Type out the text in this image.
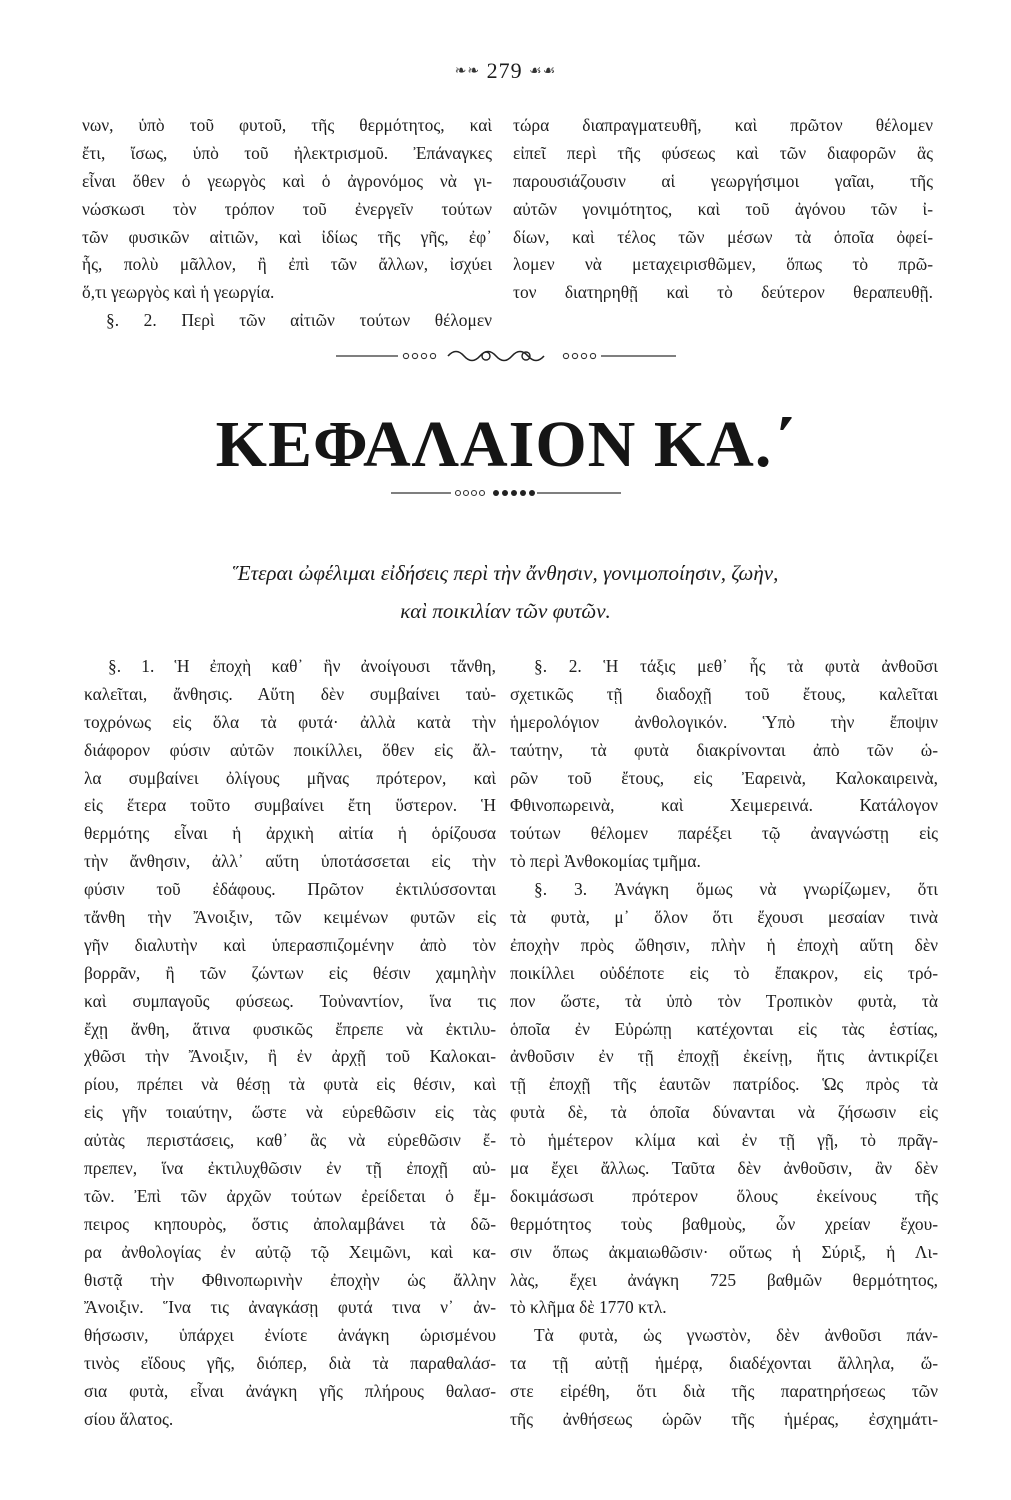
❧❧ 279 ☙☙
νων, ὑπὸ τοῦ φυτοῦ, τῆς θερμότητος, καὶ
ἔτι, ἴσως, ὑπὸ τοῦ ἠλεκτρισμοῦ. Ἐπάναγκες
εἶναι ὅθεν ὁ γεωργὸς καὶ ὁ ἀγρονόμος νὰ γι-
νώσκωσι τὸν τρόπον τοῦ ἐνεργεῖν τούτων
τῶν φυσικῶν αἰτιῶν, καὶ ἰδίως τῆς γῆς, ἐφ᾽
ἧς, πολὺ μᾶλλον, ἢ ἐπὶ τῶν ἄλλων, ἰσχύει
ὅ,τι γεωργὸς καὶ ἡ γεωργία.
§. 2. Περὶ τῶν αἰτιῶν τούτων θέλομεν
τώρα διαπραγματευθῆ, καὶ πρῶτον θέλομεν
εἰπεῖ περὶ τῆς φύσεως καὶ τῶν διαφορῶν ἃς
παρουσιάζουσιν αἱ γεωργήσιμοι γαῖαι, τῆς
αὐτῶν γονιμότητος, καὶ τοῦ ἀγόνου τῶν ἰ-
δίων, καὶ τέλος τῶν μέσων τὰ ὁποῖα ὀφεί-
λομεν νὰ μεταχειρισθῶμεν, ὅπως τὸ πρῶ-
τον διατηρηθῇ καὶ τὸ δεύτερον θεραπευθῇ.
ΚΕΦΑΛΑΙΟΝ ΚΑ.΄
Ἕτεραι ὠφέλιμαι εἰδήσεις περὶ τὴν ἄνθησιν, γονιμοποίησιν, ζωὴν,
καὶ ποικιλίαν τῶν φυτῶν.
§. 1. Ἡ ἐποχὴ καθ᾽ ἣν ἀνοίγουσι τἄνθη,
καλεῖται, ἄνθησις. Αὕτη δὲν συμβαίνει ταὐ-
τοχρόνως εἰς ὅλα τὰ φυτά· ἀλλὰ κατὰ τὴν
διάφορον φύσιν αὐτῶν ποικίλλει, ὅθεν εἰς ἄλ-
λα συμβαίνει ὀλίγους μῆνας πρότερον, καὶ
εἰς ἕτερα τοῦτο συμβαίνει ἔτη ὕστερον. Ἡ
θερμότης εἶναι ἡ ἀρχικὴ αἰτία ἡ ὁρίζουσα
τὴν ἄνθησιν, ἀλλ᾽ αὕτη ὑποτάσσεται εἰς τὴν
φύσιν τοῦ ἐδάφους. Πρῶτον ἐκτιλύσσονται
τἄνθη τὴν Ἄνοιξιν, τῶν κειμένων φυτῶν εἰς
γῆν διαλυτὴν καὶ ὑπερασπιζομένην ἀπὸ τὸν
βορρᾶν, ἢ τῶν ζώντων εἰς θέσιν χαμηλὴν
καὶ συμπαγοῦς φύσεως. Τοὐναντίον, ἵνα τις
ἔχῃ ἄνθη, ἅτινα φυσικῶς ἔπρεπε νὰ ἐκτιλυ-
χθῶσι τὴν Ἄνοιξιν, ἢ ἐν ἀρχῇ τοῦ Καλοκαι-
ρίου, πρέπει νὰ θέσῃ τὰ φυτὰ εἰς θέσιν, καὶ
εἰς γῆν τοιαύτην, ὥστε νὰ εὑρεθῶσιν εἰς τὰς
αὐτὰς περιστάσεις, καθ᾽ ἃς νὰ εὑρεθῶσιν ἔ-
πρεπεν, ἵνα ἐκτιλυχθῶσιν ἐν τῇ ἐποχῇ αὐ-
τῶν. Ἐπὶ τῶν ἀρχῶν τούτων ἐρείδεται ὁ ἔμ-
πειρος κηπουρὸς, ὅστις ἀπολαμβάνει τὰ δῶ-
ρα ἀνθολογίας ἐν αὐτῷ τῷ Χειμῶνι, καὶ κα-
θιστᾷ τὴν Φθινοπωρινὴν ἐποχὴν ὡς ἄλλην
Ἄνοιξιν. Ἵνα τις ἀναγκάσῃ φυτά τινα ν᾽ ἀν-
θήσωσιν, ὑπάρχει ἐνίοτε ἀνάγκη ὡρισμένου
τινὸς εἴδους γῆς, διόπερ, διὰ τὰ παραθαλάσ-
σια φυτὰ, εἶναι ἀνάγκη γῆς πλήρους θαλασ-
σίου ἅλατος.
§. 2. Ἡ τάξις μεθ᾽ ἧς τὰ φυτὰ ἀνθοῦσι
σχετικῶς τῇ διαδοχῇ τοῦ ἔτους, καλεῖται
ἡμερολόγιον ἀνθολογικόν. Ὑπὸ τὴν ἔποψιν
ταύτην, τὰ φυτὰ διακρίνονται ἀπὸ τῶν ὡ-
ρῶν τοῦ ἔτους, εἰς Ἐαρεινὰ, Καλοκαιρεινὰ,
Φθινοπωρεινὰ, καὶ Χειμερεινά. Κατάλογον
τούτων θέλομεν παρέξει τῷ ἀναγνώστῃ εἰς
τὸ περὶ Ἀνθοκομίας τμῆμα.
§. 3. Ἀνάγκη ὅμως νὰ γνωρίζωμεν, ὅτι
τὰ φυτὰ, μ᾽ ὅλον ὅτι ἔχουσι μεσαίαν τινὰ
ἐποχὴν πρὸς ὤθησιν, πλὴν ἡ ἐποχὴ αὕτη δὲν
ποικίλλει οὐδέποτε εἰς τὸ ἔπακρον, εἰς τρό-
πον ὥστε, τὰ ὑπὸ τὸν Τροπικὸν φυτὰ, τὰ
ὁποῖα ἐν Εὐρώπῃ κατέχονται εἰς τὰς ἑστίας,
ἀνθοῦσιν ἐν τῇ ἐποχῇ ἐκείνῃ, ἥτις ἀντικρίζει
τῇ ἐποχῇ τῆς ἑαυτῶν πατρίδος. Ὡς πρὸς τὰ
φυτὰ δὲ, τὰ ὁποῖα δύνανται νὰ ζήσωσιν εἰς
τὸ ἡμέτερον κλίμα καὶ ἐν τῇ γῇ, τὸ πρᾶγ-
μα ἔχει ἄλλως. Ταῦτα δὲν ἀνθοῦσιν, ἂν δὲν
δοκιμάσωσι πρότερον ὅλους ἐκείνους τῆς
θερμότητος τοὺς βαθμοὺς, ὧν χρείαν ἔχου-
σιν ὅπως ἀκμαιωθῶσιν· οὕτως ἡ Σύριξ, ἡ Λι-
λὰς, ἔχει ἀνάγκη 725 βαθμῶν θερμότητος,
τὸ κλῆμα δὲ 1770 κτλ.
Τὰ φυτὰ, ὡς γνωστὸν, δὲν ἀνθοῦσι πάν-
τα τῇ αὐτῇ ἡμέρᾳ, διαδέχονται ἄλληλα, ὥ-
στε εἰρέθη, ὅτι διὰ τῆς παρατηρήσεως τῶν
τῆς ἀνθήσεως ὡρῶν τῆς ἡμέρας, ἐσχημάτι-
